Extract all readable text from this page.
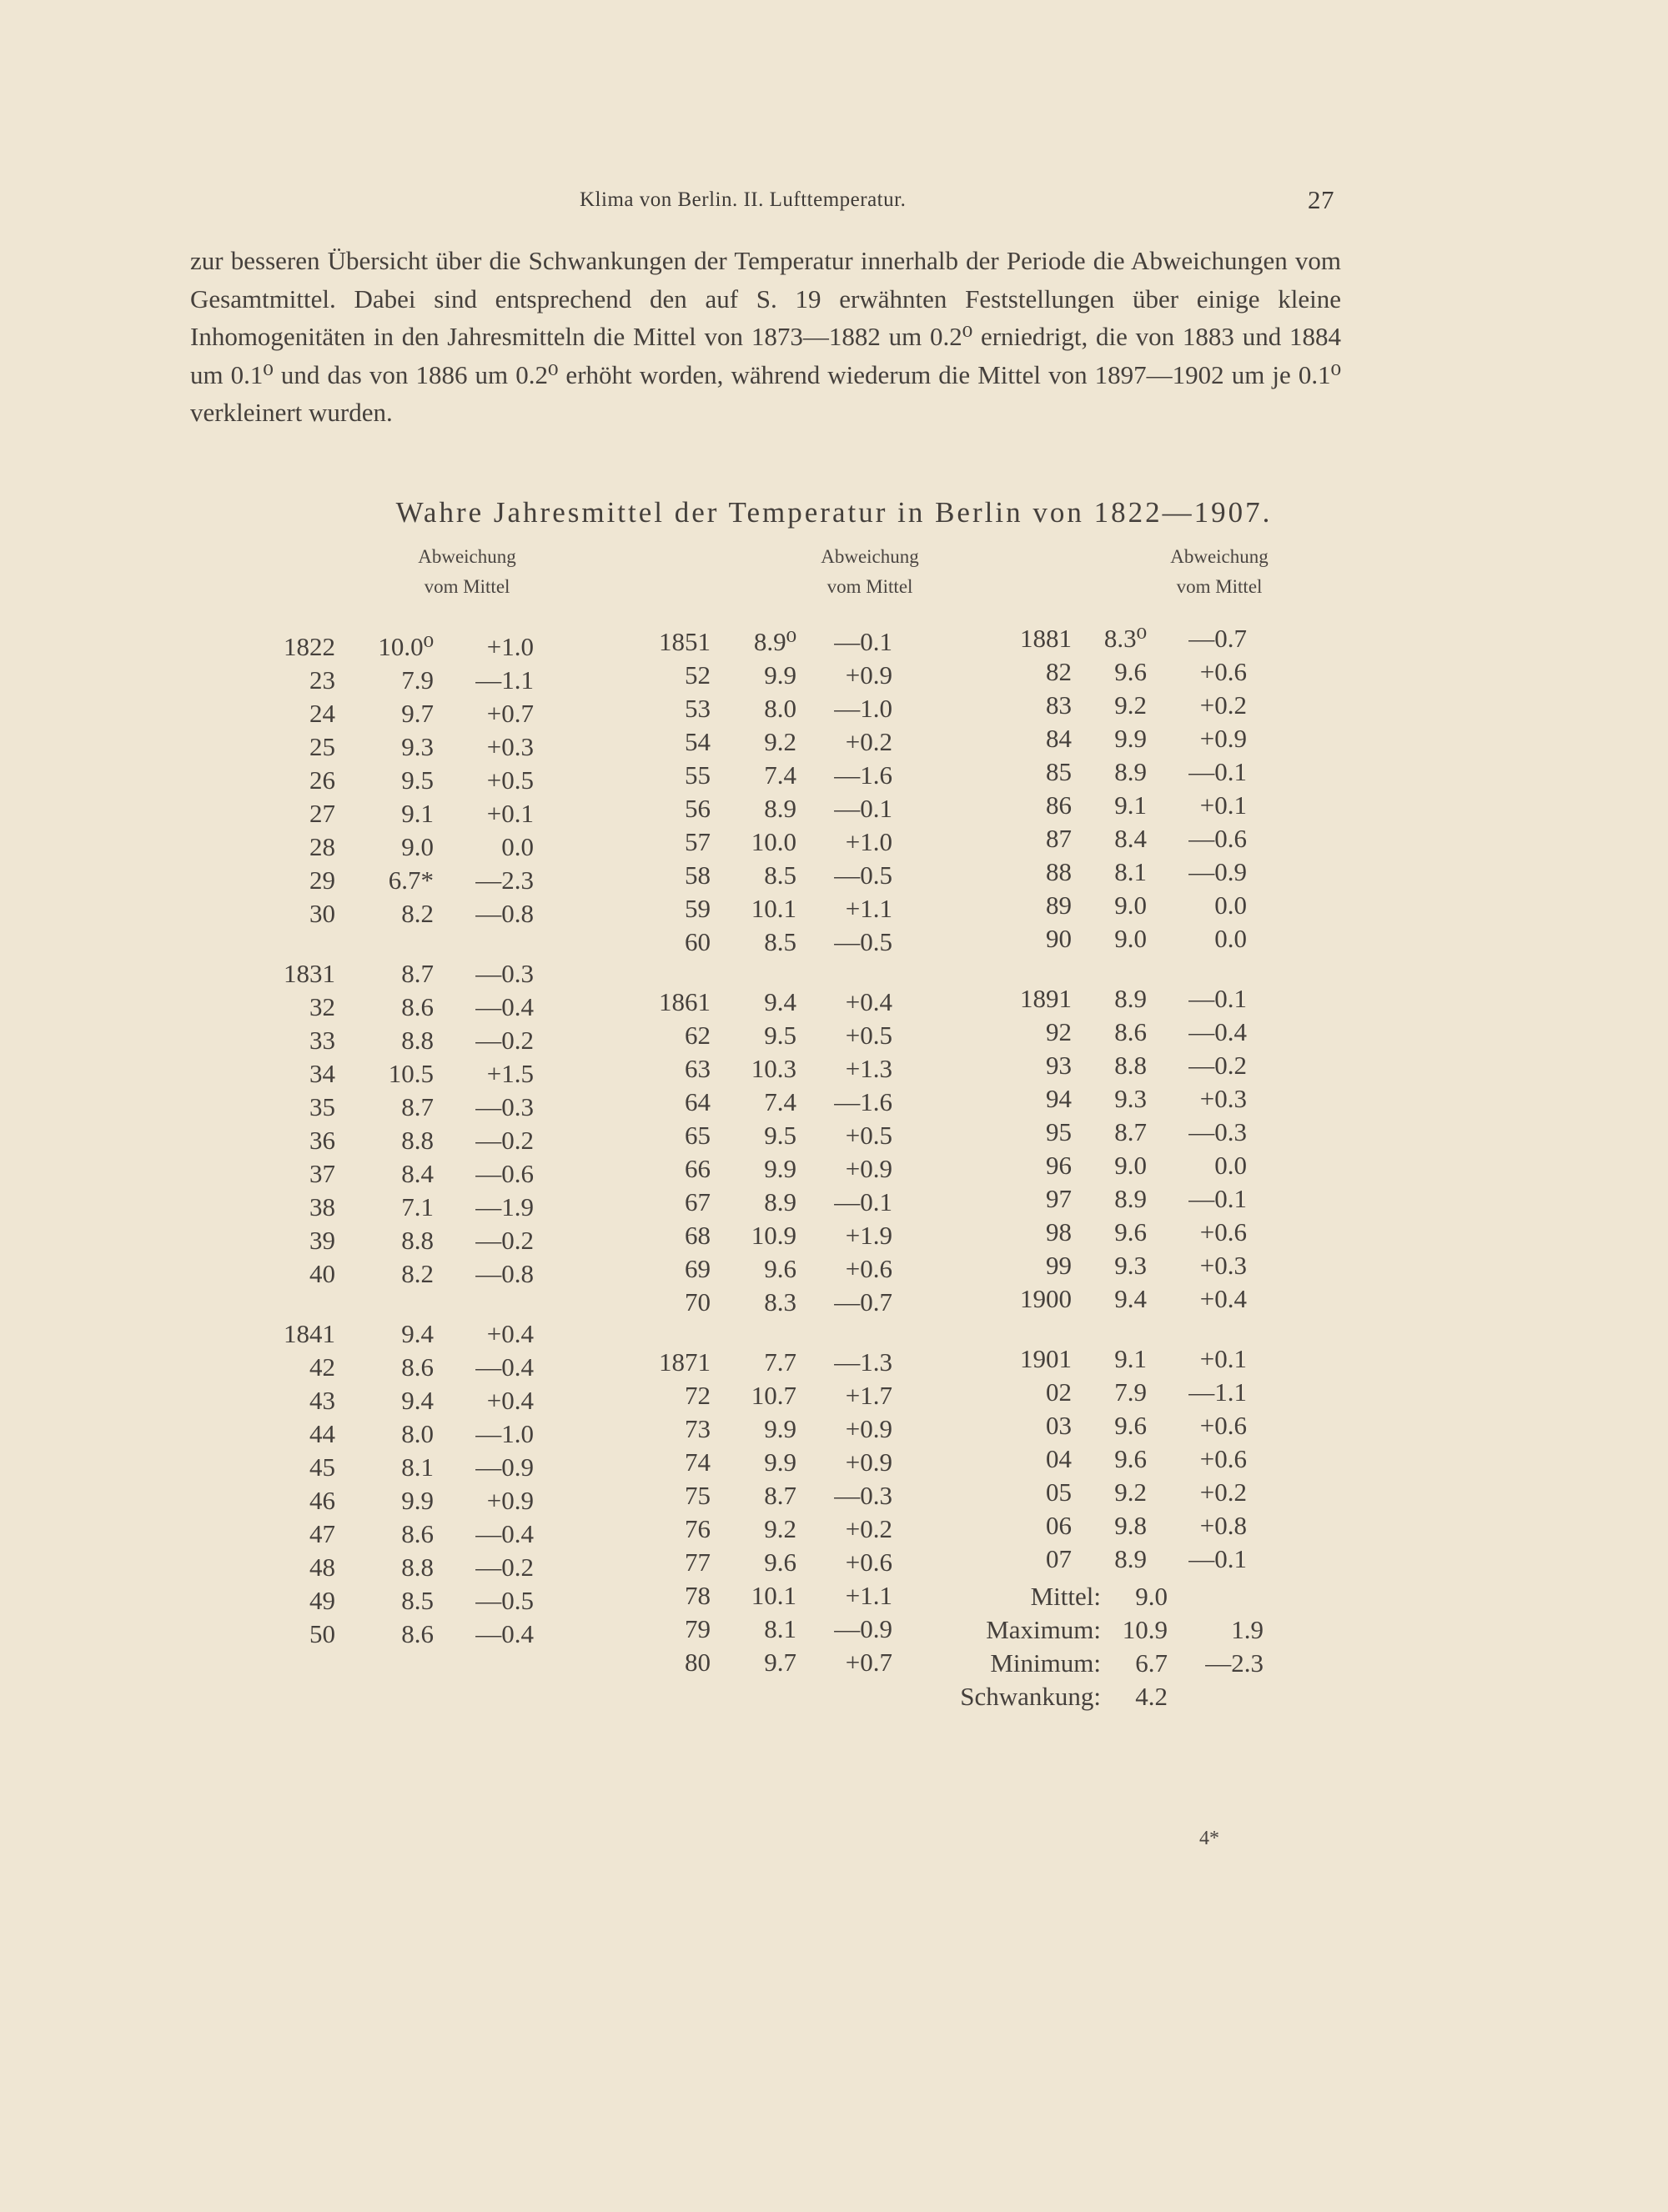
Klima von Berlin. II. Lufttemperatur.	27

zur besseren Übersicht über die Schwankungen der Temperatur innerhalb der Periode die Abweichungen vom Gesamtmittel. Dabei sind entsprechend den auf S. 19 erwähnten Feststellungen über einige kleine Inhomogenitäten in den Jahresmitteln die Mittel von 1873—1882 um 0.2⁰ erniedrigt, die von 1883 und 1884 um 0.1⁰ und das von 1886 um 0.2⁰ erhöht worden, während wiederum die Mittel von 1897—1902 um je 0.1⁰ verkleinert wurden.

Wahre Jahresmittel der Temperatur in Berlin von 1822—1907.
Abweichung
vom Mittel
Abweichung
vom Mittel
Abweichung
vom Mittel
1822	10.0⁰	+1.0
23	7.9	—1.1
24	9.7	+0.7
25	9.3	+0.3
26	9.5	+0.5
27	9.1	+0.1
28	9.0	0.0
29	6.7*	—2.3
30	8.2	—0.8
1831	8.7	—0.3
32	8.6	—0.4
33	8.8	—0.2
34	10.5	+1.5
35	8.7	—0.3
36	8.8	—0.2
37	8.4	—0.6
38	7.1	—1.9
39	8.8	—0.2
40	8.2	—0.8
1841	9.4	+0.4
42	8.6	—0.4
43	9.4	+0.4
44	8.0	—1.0
45	8.1	—0.9
46	9.9	+0.9
47	8.6	—0.4
48	8.8	—0.2
49	8.5	—0.5
50	8.6	—0.4
1851	8.9⁰	—0.1
52	9.9	+0.9
53	8.0	—1.0
54	9.2	+0.2
55	7.4	—1.6
56	8.9	—0.1
57	10.0	+1.0
58	8.5	—0.5
59	10.1	+1.1
60	8.5	—0.5
1861	9.4	+0.4
62	9.5	+0.5
63	10.3	+1.3
64	7.4	—1.6
65	9.5	+0.5
66	9.9	+0.9
67	8.9	—0.1
68	10.9	+1.9
69	9.6	+0.6
70	8.3	—0.7
1871	7.7	—1.3
72	10.7	+1.7
73	9.9	+0.9
74	9.9	+0.9
75	8.7	—0.3
76	9.2	+0.2
77	9.6	+0.6
78	10.1	+1.1
79	8.1	—0.9
80	9.7	+0.7
1881	8.3⁰	—0.7
82	9.6	+0.6
83	9.2	+0.2
84	9.9	+0.9
85	8.9	—0.1
86	9.1	+0.1
87	8.4	—0.6
88	8.1	—0.9
89	9.0	0.0
90	9.0	0.0
1891	8.9	—0.1
92	8.6	—0.4
93	8.8	—0.2
94	9.3	+0.3
95	8.7	—0.3
96	9.0	0.0
97	8.9	—0.1
98	9.6	+0.6
99	9.3	+0.3
1900	9.4	+0.4
1901	9.1	+0.1
02	7.9	—1.1
03	9.6	+0.6
04	9.6	+0.6
05	9.2	+0.2
06	9.8	+0.8
07	8.9	—0.1
Mittel:	9.0
Maximum: 10.9	1.9
Minimum:	6.7	—2.3
Schwankung:	4.2
4*
